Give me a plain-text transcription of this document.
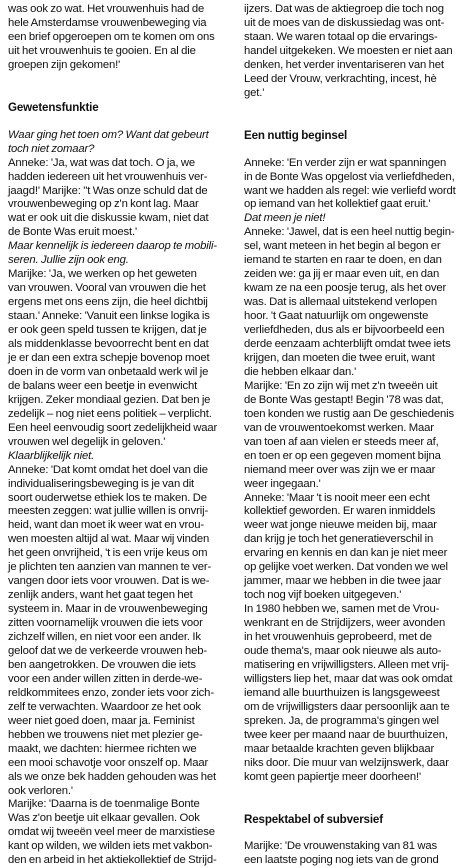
was ook zo wat. Het vrouwenhuis had de

hele Amsterdamse vrouwenbeweging via

een brief opgeroepen om te komen om ons

uit het vrouwenhuis te gooien. En al die

groepen zijn gekomen!'

Gewetensfunktie

Waar ging het toen om? Want dat gebeurt

toch niet zomaar?

Anneke: 'Ja, wat was dat toch. O ja, we

hadden iedereen uit het vrouwenhuis ver-

jaagd!' Marijke: ''t Was onze schuld dat de

vrouwenbeweging op z'n kont lag. Maar

wat er ook uit die diskussie kwam, niet dat

de Bonte Was eruit moest.'

Maar kennelijk is iedereen daarop te mobili-

seren. Jullie zijn ook eng.

Marijke: 'Ja, we werken op het geweten

van vrouwen. Vooral van vrouwen die het

ergens met ons eens zijn, die heel dichtbij

staan.' Anneke: 'Vanuit een linkse logika is

er ook geen speld tussen te krijgen, dat je

als middenklasse bevoorrecht bent en dat

je er dan een extra schepje bovenop moet

doen in de vorm van onbetaald werk wil je

de balans weer een beetje in evenwicht

krijgen. Zeker mondiaal gezien. Dat ben je

zedelijk – nog niet eens politiek – verplicht.

Een heel eenvoudig soort zedelijkheid waar

vrouwen wel degelijk in geloven.'

Klaarblijkelijk niet.

Anneke: 'Dat komt omdat het doel van die

individualiseringsbeweging is je van dit

soort ouderwetse ethiek los te maken. De

meesten zeggen: wat jullie willen is onvrij-

heid, want dan moet ik weer wat en vrou-

wen moesten altijd al wat. Maar wij vinden

het geen onvrijheid, 't is een vrije keus om

je plichten ten aanzien van mannen te ver-

vangen door iets voor vrouwen. Dat is we-

zenlijk anders, want het gaat tegen het

systeem in. Maar in de vrouwenbeweging

zitten voornamelijk vrouwen die iets voor

zichzelf willen, en niet voor een ander. Ik

geloof dat we de verkeerde vrouwen heb-

ben aangetrokken. De vrouwen die iets

voor een ander willen zitten in derde-we-

reldkommitees enzo, zonder iets voor zich-

zelf te verwachten. Waardoor ze het ook

weer niet goed doen, maar ja. Feminist

hebben we trouwens niet met plezier ge-

maakt, we dachten: hiermee richten we

een mooi schavotje voor onszelf op. Maar

als we onze bek hadden gehouden was het

ook verloren.'

Marijke: 'Daarna is de toenmalige Bonte

Was z'on beetje uit elkaar gevallen. Ook

omdat wij tweeën veel meer de marxistiese

kant op wilden, we wilden iets met vakbon-

den en arbeid in het aktiekollektief de Strijd-

ijzers. Dat was de aktiegroep die toch nog

uit de moes van de diskussiedag was ont-

staan. We waren totaal op die ervarings-

handel uitgekeken. We moesten er niet aan

denken, het verder inventariseren van het

Leed der Vrouw, verkrachting, incest, hè

get.'

Een nuttig beginsel

Anneke: 'En verder zijn er wat spanningen

in de Bonte Was opgelost via verliefdheden,

want we hadden als regel: wie verliefd wordt

op iemand van het kollektief gaat eruit.'

Dat meen je niet!

Anneke: 'Jawel, dat is een heel nuttig begin-

sel, want meteen in het begin al begon er

iemand te starten en raar te doen, en dan

zeiden we: ga jij er maar even uit, en dan

kwam ze na een poosje terug, als het over

was. Dat is allemaal uitstekend verlopen

hoor. 't Gaat natuurlijk om ongewenste

verliefdheden, dus als er bijvoorbeeld een

derde eenzaam achterblijft omdat twee iets

krijgen, dan moeten die twee eruit, want

die hebben elkaar dan.'

Marijke: 'En zo zijn wij met z'n tweeën uit

de Bonte Was gestapt! Begin '78 was dat,

toen konden we rustig aan De geschiedenis

van de vrouwentoekomst werken. Maar

van toen af aan vielen er steeds meer af,

en toen er op een gegeven moment bijna

niemand meer over was zijn we er maar

weer ingegaan.'

Anneke: 'Maar 't is nooit meer een echt

kollektief geworden. Er waren inmiddels

weer wat jonge nieuwe meiden bij, maar

dan krijg je toch het generatieverschil in

ervaring en kennis en dan kan je niet meer

op gelijke voet werken. Dat vonden we wel

jammer, maar we hebben in die twee jaar

toch nog vijf boeken uitgegeven.'

In 1980 hebben we, samen met de Vrou-

wenkrant en de Strijdijzers, weer avonden

in het vrouwenhuis geprobeerd, met de

oude thema's, maar ook nieuwe als auto-

matisering en vrijwilligsters. Alleen met vrij-

willigsters liep het, maar dat was ook omdat

iemand alle buurthuizen is langsgeweest

om de vrijwilligsters daar persoonlijk aan te

spreken. Ja, de programma's gingen wel

twee keer per maand naar de buurthuizen,

maar betaalde krachten geven blijkbaar

niks door. Die muur van welzijnswerk, daar

komt geen papiertje meer doorheen!'

Respektabel of subversief

Marijke: 'De vrouwenstaking van 81 was

een laatste poging nog iets van de grond
